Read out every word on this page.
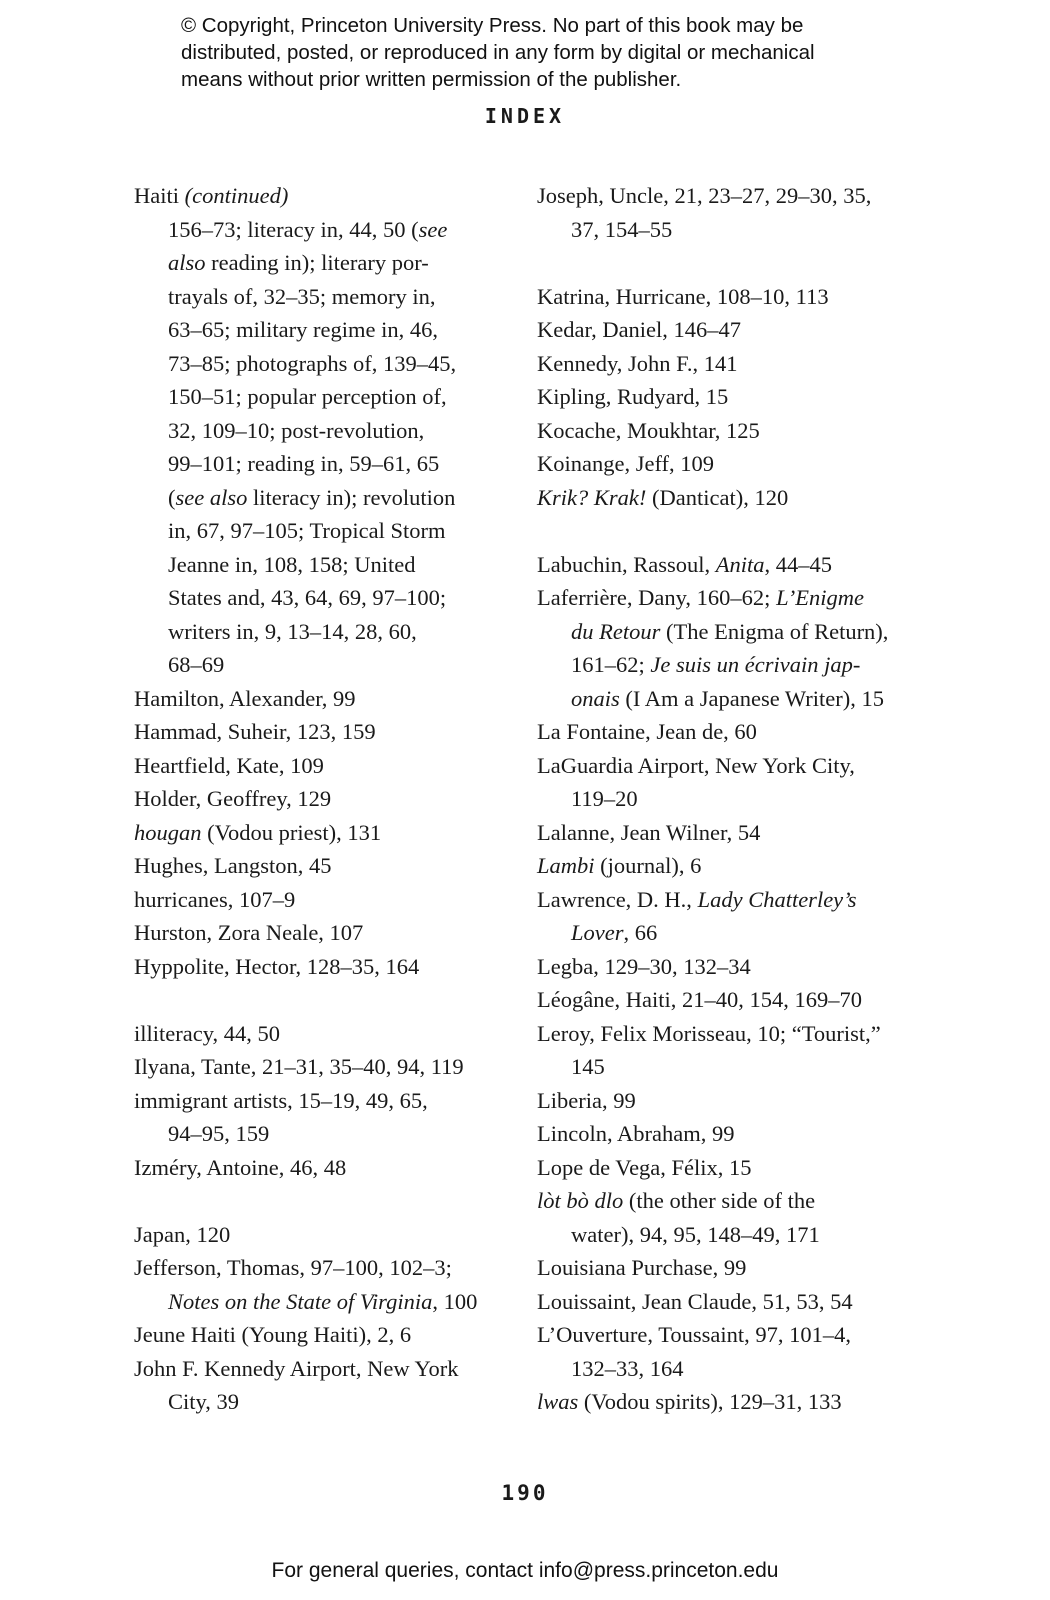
© Copyright, Princeton University Press. No part of this book may be
distributed, posted, or reproduced in any form by digital or mechanical
means without prior written permission of the publisher.
INDEX
Haiti (continued)
156–73; literacy in, 44, 50 (see
also reading in); literary por-
trayals of, 32–35; memory in,
63–65; military regime in, 46,
73–85; photographs of, 139–45,
150–51; popular perception of,
32, 109–10; post-revolution,
99–101; reading in, 59–61, 65
(see also literacy in); revolution
in, 67, 97–105; Tropical Storm
Jeanne in, 108, 158; United
States and, 43, 64, 69, 97–100;
writers in, 9, 13–14, 28, 60,
68–69
Hamilton, Alexander, 99
Hammad, Suheir, 123, 159
Heartfield, Kate, 109
Holder, Geoffrey, 129
hougan (Vodou priest), 131
Hughes, Langston, 45
hurricanes, 107–9
Hurston, Zora Neale, 107
Hyppolite, Hector, 128–35, 164
illiteracy, 44, 50
Ilyana, Tante, 21–31, 35–40, 94, 119
immigrant artists, 15–19, 49, 65,
94–95, 159
Izméry, Antoine, 46, 48
Japan, 120
Jefferson, Thomas, 97–100, 102–3;
Notes on the State of Virginia, 100
Jeune Haiti (Young Haiti), 2, 6
John F. Kennedy Airport, New York
City, 39
Joseph, Uncle, 21, 23–27, 29–30, 35,
37, 154–55
Katrina, Hurricane, 108–10, 113
Kedar, Daniel, 146–47
Kennedy, John F., 141
Kipling, Rudyard, 15
Kocache, Moukhtar, 125
Koinange, Jeff, 109
Krik? Krak! (Danticat), 120
Labuchin, Rassoul, Anita, 44–45
Laferrière, Dany, 160–62; L’Enigme
du Retour (The Enigma of Return),
161–62; Je suis un écrivain jap-
onais (I Am a Japanese Writer), 15
La Fontaine, Jean de, 60
LaGuardia Airport, New York City,
119–20
Lalanne, Jean Wilner, 54
Lambi (journal), 6
Lawrence, D. H., Lady Chatterley’s
Lover, 66
Legba, 129–30, 132–34
Léogâne, Haiti, 21–40, 154, 169–70
Leroy, Felix Morisseau, 10; “Tourist,”
145
Liberia, 99
Lincoln, Abraham, 99
Lope de Vega, Félix, 15
lòt bò dlo (the other side of the
water), 94, 95, 148–49, 171
Louisiana Purchase, 99
Louissaint, Jean Claude, 51, 53, 54
L’Ouverture, Toussaint, 97, 101–4,
132–33, 164
lwas (Vodou spirits), 129–31, 133
190
For general queries, contact info@press.princeton.edu
